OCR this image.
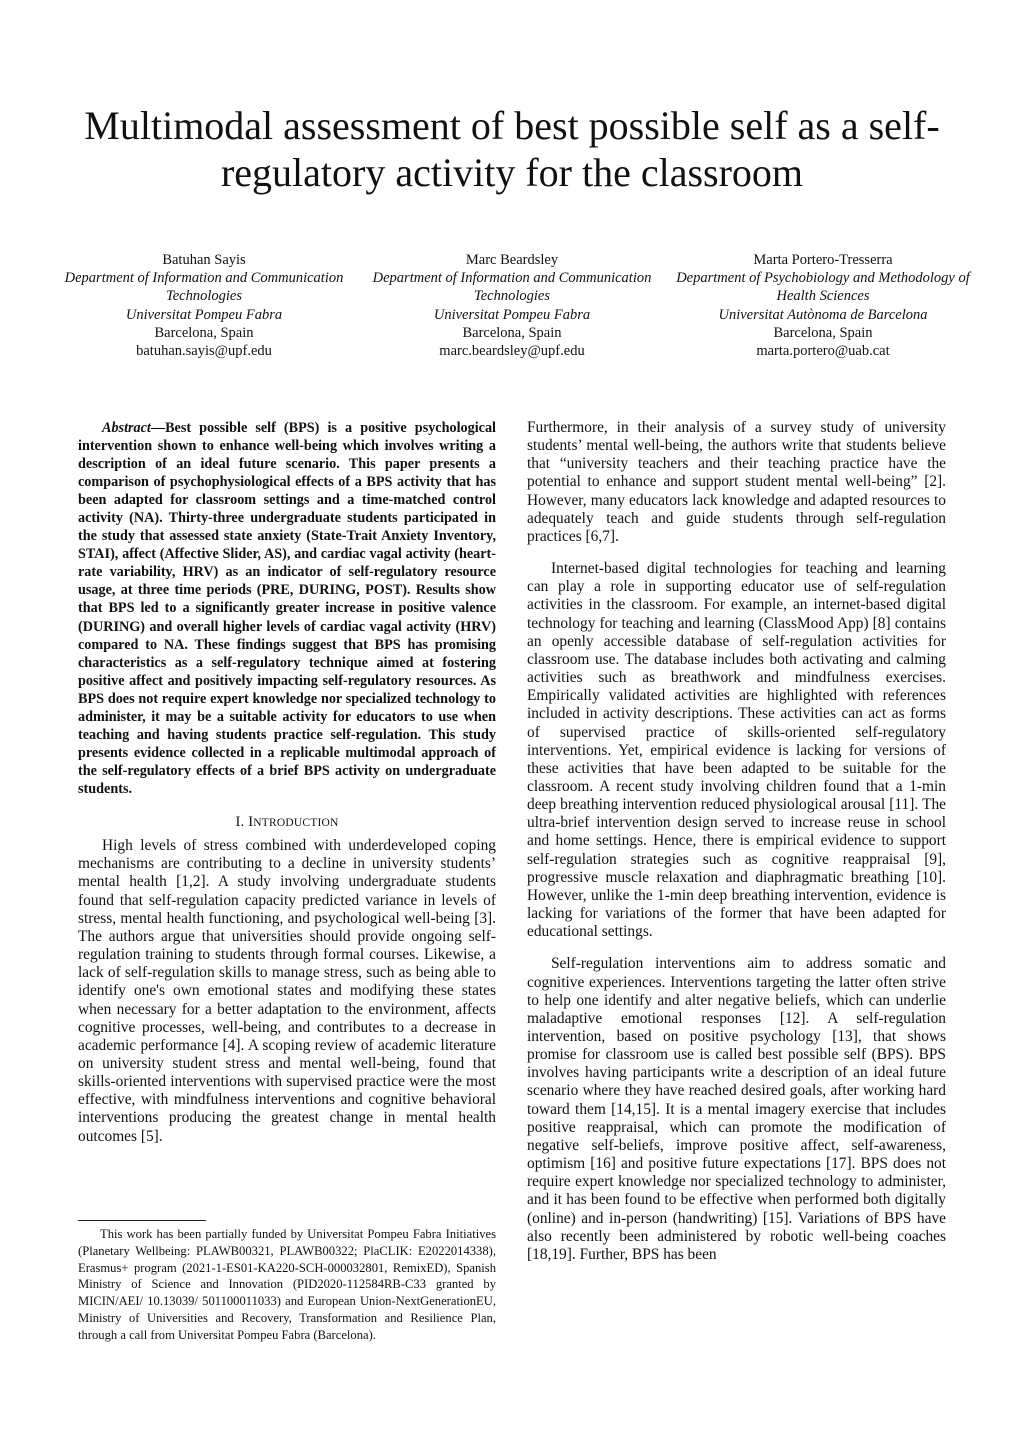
Multimodal assessment of best possible self as a self-regulatory activity for the classroom
Batuhan Sayis
Department of Information and Communication Technologies
Universitat Pompeu Fabra
Barcelona, Spain
batuhan.sayis@upf.edu
Marc Beardsley
Department of Information and Communication Technologies
Universitat Pompeu Fabra
Barcelona, Spain
marc.beardsley@upf.edu
Marta Portero-Tresserra
Department of Psychobiology and Methodology of Health Sciences
Universitat Autònoma de Barcelona
Barcelona, Spain
marta.portero@uab.cat

Abstract—Best possible self (BPS) is a positive psychological intervention shown to enhance well-being which involves writing a description of an ideal future scenario. This paper presents a comparison of psychophysiological effects of a BPS activity that has been adapted for classroom settings and a time-matched control activity (NA). Thirty-three undergraduate students participated in the study that assessed state anxiety (State-Trait Anxiety Inventory, STAI), affect (Affective Slider, AS), and cardiac vagal activity (heart-rate variability, HRV) as an indicator of self-regulatory resource usage, at three time periods (PRE, DURING, POST). Results show that BPS led to a significantly greater increase in positive valence (DURING) and overall higher levels of cardiac vagal activity (HRV) compared to NA. These findings suggest that BPS has promising characteristics as a self-regulatory technique aimed at fostering positive affect and positively impacting self-regulatory resources. As BPS does not require expert knowledge nor specialized technology to administer, it may be a suitable activity for educators to use when teaching and having students practice self-regulation. This study presents evidence collected in a replicable multimodal approach of the self-regulatory effects of a brief BPS activity on undergraduate students.

I. INTRODUCTION

High levels of stress combined with underdeveloped coping mechanisms are contributing to a decline in university students’ mental health [1,2]. A study involving undergraduate students found that self-regulation capacity predicted variance in levels of stress, mental health functioning, and psychological well-being [3]. The authors argue that universities should provide ongoing self-regulation training to students through formal courses. Likewise, a lack of self-regulation skills to manage stress, such as being able to identify one's own emotional states and modifying these states when necessary for a better adaptation to the environment, affects cognitive processes, well-being, and contributes to a decrease in academic performance [4]. A scoping review of academic literature on university student stress and mental well-being, found that skills-oriented interventions with supervised practice were the most effective, with mindfulness interventions and cognitive behavioral interventions producing the greatest change in mental health outcomes [5].

This work has been partially funded by Universitat Pompeu Fabra Initiatives (Planetary Wellbeing: PLAWB00321, PLAWB00322; PlaCLIK: E2022014338), Erasmus+ program (2021-1-ES01-KA220-SCH-000032801, RemixED), Spanish Ministry of Science and Innovation (PID2020-112584RB-C33 granted by MICIN/AEI/ 10.13039/ 501100011033) and European Union-NextGenerationEU, Ministry of Universities and Recovery, Transformation and Resilience Plan, through a call from Universitat Pompeu Fabra (Barcelona).

Furthermore, in their analysis of a survey study of university students’ mental well-being, the authors write that students believe that “university teachers and their teaching practice have the potential to enhance and support student mental well-being” [2]. However, many educators lack knowledge and adapted resources to adequately teach and guide students through self-regulation practices [6,7].

Internet-based digital technologies for teaching and learning can play a role in supporting educator use of self-regulation activities in the classroom. For example, an internet-based digital technology for teaching and learning (ClassMood App) [8] contains an openly accessible database of self-regulation activities for classroom use. The database includes both activating and calming activities such as breathwork and mindfulness exercises. Empirically validated activities are highlighted with references included in activity descriptions. These activities can act as forms of supervised practice of skills-oriented self-regulatory interventions. Yet, empirical evidence is lacking for versions of these activities that have been adapted to be suitable for the classroom. A recent study involving children found that a 1-min deep breathing intervention reduced physiological arousal [11]. The ultra-brief intervention design served to increase reuse in school and home settings. Hence, there is empirical evidence to support self-regulation strategies such as cognitive reappraisal [9], progressive muscle relaxation and diaphragmatic breathing [10]. However, unlike the 1-min deep breathing intervention, evidence is lacking for variations of the former that have been adapted for educational settings.

Self-regulation interventions aim to address somatic and cognitive experiences. Interventions targeting the latter often strive to help one identify and alter negative beliefs, which can underlie maladaptive emotional responses [12]. A self-regulation intervention, based on positive psychology [13], that shows promise for classroom use is called best possible self (BPS). BPS involves having participants write a description of an ideal future scenario where they have reached desired goals, after working hard toward them [14,15]. It is a mental imagery exercise that includes positive reappraisal, which can promote the modification of negative self-beliefs, improve positive affect, self-awareness, optimism [16] and positive future expectations [17]. BPS does not require expert knowledge nor specialized technology to administer, and it has been found to be effective when performed both digitally (online) and in-person (handwriting) [15]. Variations of BPS have also recently been administered by robotic well-being coaches [18,19]. Further, BPS has been
